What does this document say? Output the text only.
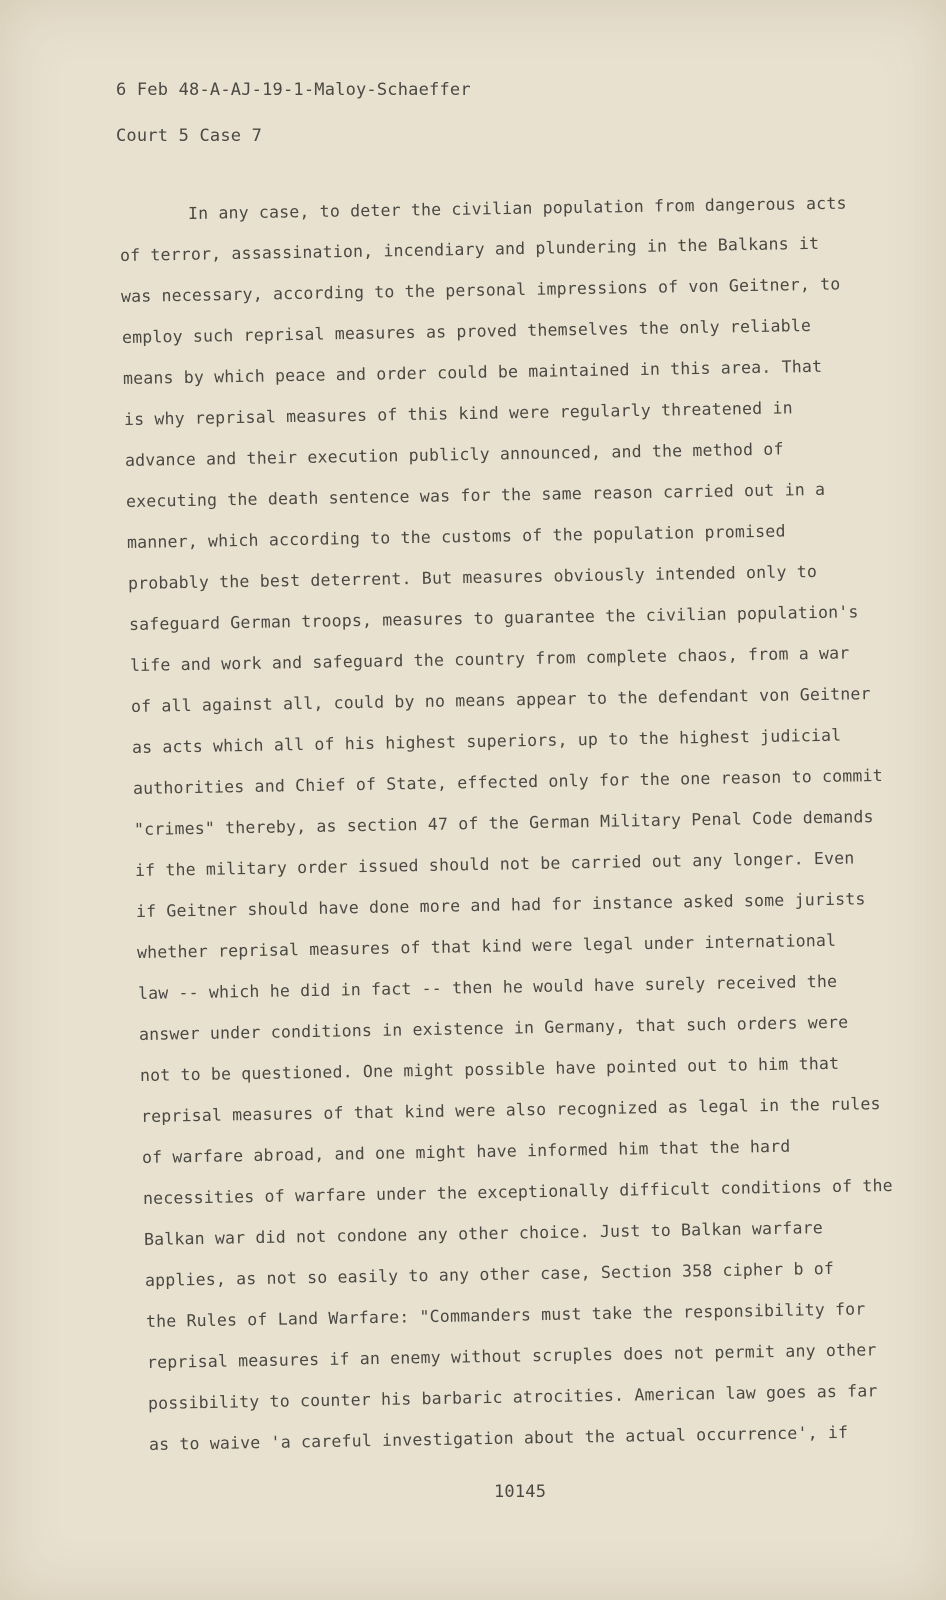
6 Feb 48-A-AJ-19-1-Maloy-Schaeffer
Court 5 Case 7
In any case, to deter the civilian population from dangerous acts
of terror, assassination, incendiary and plundering in the Balkans it
was necessary, according to the personal impressions of von Geitner, to
employ such reprisal measures as proved themselves the only reliable
means by which peace and order could be maintained in this area. That
is why reprisal measures of this kind were regularly threatened in
advance and their execution publicly announced, and the method of
executing the death sentence was for the same reason carried out in a
manner, which according to the customs of the population promised
probably the best deterrent. But measures obviously intended only to
safeguard German troops, measures to guarantee the civilian population's
life and work and safeguard the country from complete chaos, from a war
of all against all, could by no means appear to the defendant von Geitner
as acts which all of his highest superiors, up to the highest judicial
authorities and Chief of State, effected only for the one reason to commit
"crimes" thereby, as section 47 of the German Military Penal Code demands
if the military order issued should not be carried out any longer. Even
if Geitner should have done more and had for instance asked some jurists
whether reprisal measures of that kind were legal under international
law -- which he did in fact -- then he would have surely received the
answer under conditions in existence in Germany, that such orders were
not to be questioned. One might possible have pointed out to him that
reprisal measures of that kind were also recognized as legal in the rules
of warfare abroad, and one might have informed him that the hard
necessities of warfare under the exceptionally difficult conditions of the
Balkan war did not condone any other choice. Just to Balkan warfare
applies, as not so easily to any other case, Section 358 cipher b of
the Rules of Land Warfare: "Commanders must take the responsibility for
reprisal measures if an enemy without scruples does not permit any other
possibility to counter his barbaric atrocities. American law goes as far
as to waive 'a careful investigation about the actual occurrence', if
10145
